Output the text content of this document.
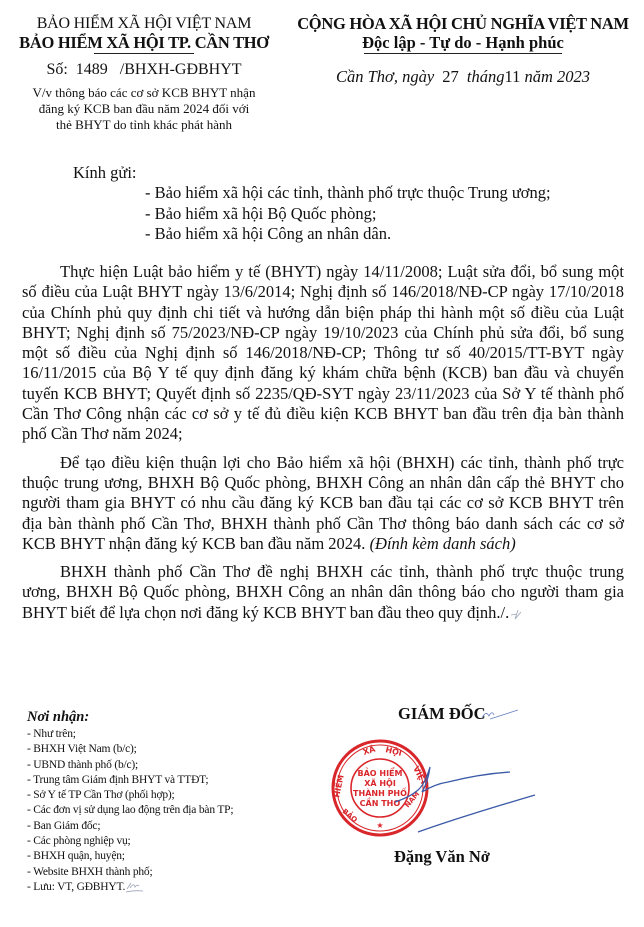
BẢO HIỂM XÃ HỘI VIỆT NAM
BẢO HIỂM XÃ HỘI TP. CẦN THƠ
Số: 1489 /BHXH-GĐBHYT
V/v thông báo các cơ sở KCB BHYT nhận
đăng ký KCB ban đầu năm 2024 đối với
thẻ BHYT do tỉnh khác phát hành
CỘNG HÒA XÃ HỘI CHỦ NGHĨA VIỆT NAM
Độc lập - Tự do - Hạnh phúc
Cần Thơ, ngày 27 tháng11 năm 2023
Kính gửi:
- Bảo hiểm xã hội các tỉnh, thành phố trực thuộc Trung ương;
- Bảo hiểm xã hội Bộ Quốc phòng;
- Bảo hiểm xã hội Công an nhân dân.

Thực hiện Luật bảo hiểm y tế (BHYT) ngày 14/11/2008; Luật sửa đổi, bổ sung một số điều của Luật BHYT ngày 13/6/2014; Nghị định số 146/2018/NĐ-CP ngày 17/10/2018 của Chính phủ quy định chi tiết và hướng dẫn biện pháp thi hành một số điều của Luật BHYT; Nghị định số 75/2023/NĐ-CP ngày 19/10/2023 của Chính phủ sửa đổi, bổ sung một số điều của Nghị định số 146/2018/NĐ-CP; Thông tư số 40/2015/TT-BYT ngày 16/11/2015 của Bộ Y tế quy định đăng ký khám chữa bệnh (KCB) ban đầu và chuyển tuyến KCB BHYT; Quyết định số 2235/QĐ-SYT ngày 23/11/2023 của Sở Y tế thành phố Cần Thơ Công nhận các cơ sở y tế đủ điều kiện KCB BHYT ban đầu trên địa bàn thành phố Cần Thơ năm 2024;

Để tạo điều kiện thuận lợi cho Bảo hiểm xã hội (BHXH) các tỉnh, thành phố trực thuộc trung ương, BHXH Bộ Quốc phòng, BHXH Công an nhân dân cấp thẻ BHYT cho người tham gia BHYT có nhu cầu đăng ký KCB ban đầu tại các cơ sở KCB BHYT trên địa bàn thành phố Cần Thơ, BHXH thành phố Cần Thơ thông báo danh sách các cơ sở KCB BHYT nhận đăng ký KCB ban đầu năm 2024. (Đính kèm danh sách)

BHXH thành phố Cần Thơ đề nghị BHXH các tỉnh, thành phố trực thuộc trung ương, BHXH Bộ Quốc phòng, BHXH Công an nhân dân thông báo cho người tham gia BHYT biết để lựa chọn nơi đăng ký KCB BHYT ban đầu theo quy định./.

Nơi nhận:
- Như trên;
- BHXH Việt Nam (b/c);
- UBND thành phố (b/c);
- Trung tâm Giám định BHYT và TTĐT;
- Sở Y tế TP Cần Thơ (phối hợp);
- Các đơn vị sử dụng lao động trên địa bàn TP;
- Ban Giám đốc;
- Các phòng nghiệp vụ;
- BHXH quận, huyện;
- Website BHXH thành phố;
- Lưu: VT, GĐBHYT.
GIÁM ĐỐC
XÃ HỘI
HIỂM	VIỆT
BẢO
NAM
BẢO HIỂM
XÃ HỘI
THÀNH PHỐ
CẦN THƠ
★
Đặng Văn Nở
